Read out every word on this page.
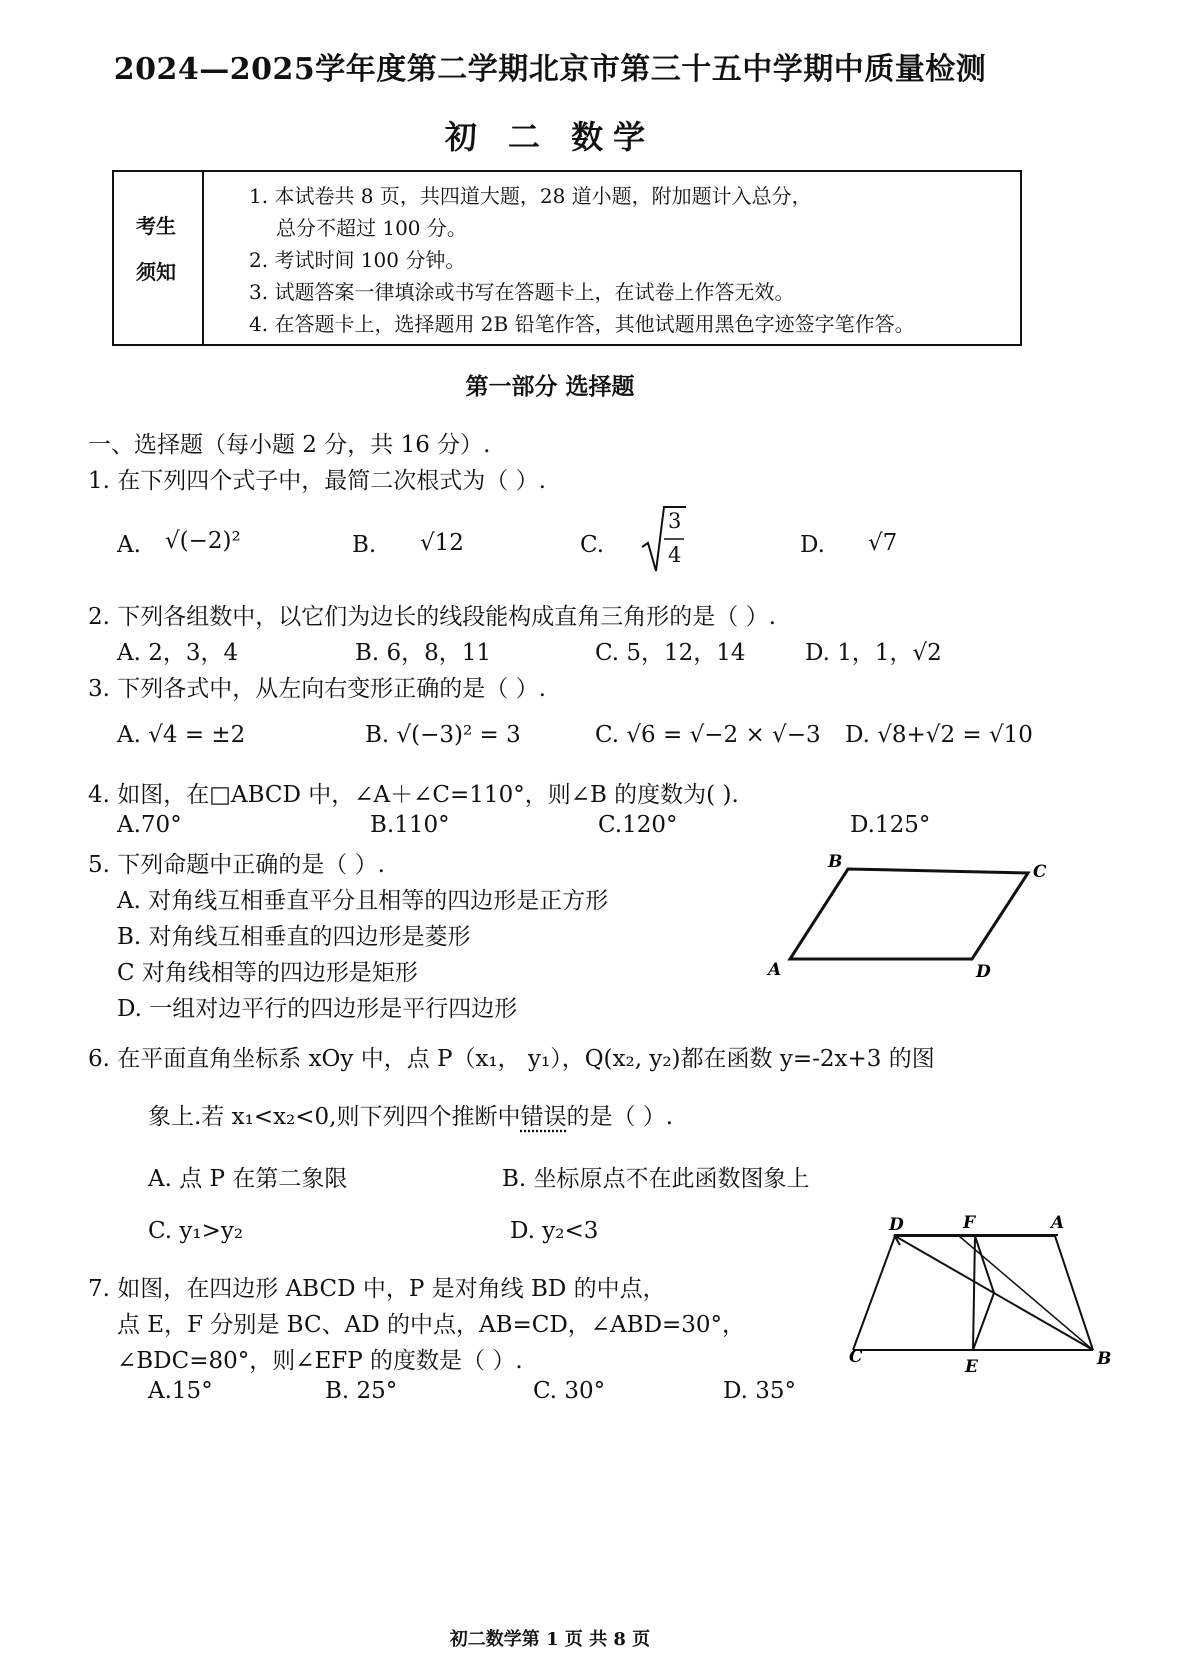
2024—2025学年度第二学期北京市第三十五中学期中质量检测
初 二 数学
考生
须知
1. 本试卷共 8 页，共四道大题，28 道小题，附加题计入总分，
总分不超过 100 分。
2. 考试时间 100 分钟。
3. 试题答案一律填涂或书写在答题卡上，在试卷上作答无效。
4. 在答题卡上，选择题用 2B 铅笔作答，其他试题用黑色字迹签字笔作答。
第一部分 选择题
一、选择题（每小题 2 分，共 16 分）.
1. 在下列四个式子中，最简二次根式为（ ）.
A. √(−2)²	B. √12	C.
3
4	D. √7
2. 下列各组数中，以它们为边长的线段能构成直角三角形的是（ ）.
A. 2，3，4	B. 6，8，11	C. 5，12，14	D. 1，1，√2
3. 下列各式中，从左向右变形正确的是（ ）.
A. √4 = ±2	B. √(−3)² = 3	C. √6 = √−2 × √−3 D. √8+√2 = √10
4. 如图，在□ABCD 中，∠A＋∠C=110°，则∠B 的度数为( ).
A.70°	B.110°	C.120°	D.125°
5. 下列命题中正确的是（ ）.
A. 对角线互相垂直平分且相等的四边形是正方形
B. 对角线互相垂直的四边形是菱形
C 对角线相等的四边形是矩形
D. 一组对边平行的四边形是平行四边形
B	C
A	D
6. 在平面直角坐标系 xOy 中，点 P（x₁， y₁），Q(x₂, y₂)都在函数 y=-2x+3 的图
象上.若 x₁<x₂<0,则下列四个推断中错误的是（ ）.
A. 点 P 在第二象限	B. 坐标原点不在此函数图象上
C. y₁>y₂	D. y₂<3
7. 如图，在四边形 ABCD 中，P 是对角线 BD 的中点，
点 E，F 分别是 BC、AD 的中点，AB=CD，∠ABD=30°，
∠BDC=80°，则∠EFP 的度数是（ ）.
A.15°	B. 25°	C. 30°	D. 35°
D	F	A
C	E	B
初二数学第 1 页 共 8 页
